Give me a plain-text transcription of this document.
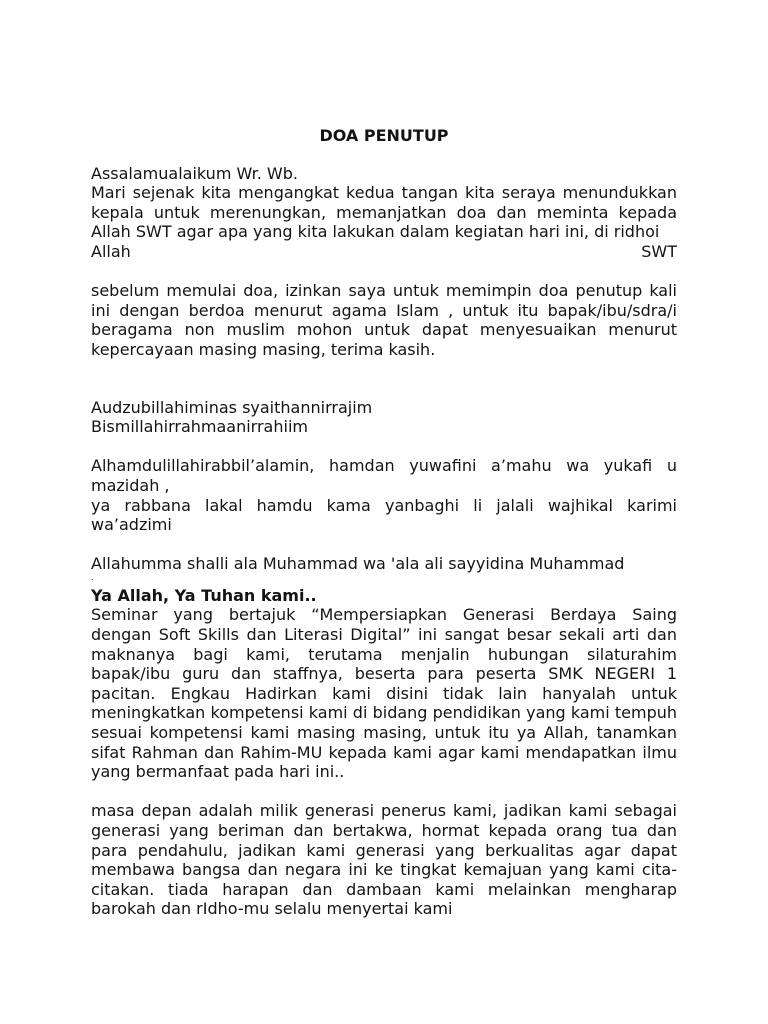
DOA PENUTUP

Assalamualaikum Wr. Wb.

Mari sejenak kita mengangkat kedua tangan kita seraya menundukkan kepala untuk merenungkan, memanjatkan doa dan meminta kepada Allah SWT agar apa yang kita lakukan dalam kegiatan hari ini, di ridhoi

Allah SWT

sebelum memulai doa, izinkan saya untuk memimpin doa penutup kali ini dengan berdoa menurut agama Islam , untuk itu bapak/ibu/sdra/i beragama non muslim mohon untuk dapat menyesuaikan menurut kepercayaan masing masing, terima kasih.

Audzubillahiminas syaithannirrajim

Bismillahirrahmaanirrahiim

Alhamdulillahirabbil’alamin, hamdan yuwafini a’mahu wa yukafi u mazidah ,

ya rabbana lakal hamdu kama yanbaghi li jalali wajhikal karimi wa’adzimi

Allahumma shalli ala Muhammad wa 'ala ali sayyidina Muhammad

.

Ya Allah, Ya Tuhan kami..

Seminar yang bertajuk “Mempersiapkan Generasi Berdaya Saing dengan Soft Skills dan Literasi Digital” ini sangat besar sekali arti dan maknanya bagi kami, terutama menjalin hubungan silaturahim bapak/ibu guru dan staffnya, beserta para peserta SMK NEGERI 1 pacitan. Engkau Hadirkan kami disini tidak lain hanyalah untuk meningkatkan kompetensi kami di bidang pendidikan yang kami tempuh sesuai kompetensi kami masing masing, untuk itu ya Allah, tanamkan sifat Rahman dan Rahim-MU kepada kami agar kami mendapatkan ilmu yang bermanfaat pada hari ini..

masa depan adalah milik generasi penerus kami, jadikan kami sebagai generasi yang beriman dan bertakwa, hormat kepada orang tua dan para pendahulu, jadikan kami generasi yang berkualitas agar dapat membawa bangsa dan negara ini ke tingkat kemajuan yang kami cita-citakan. tiada harapan dan dambaan kami melainkan mengharap barokah dan rIdho-mu selalu menyertai kami
